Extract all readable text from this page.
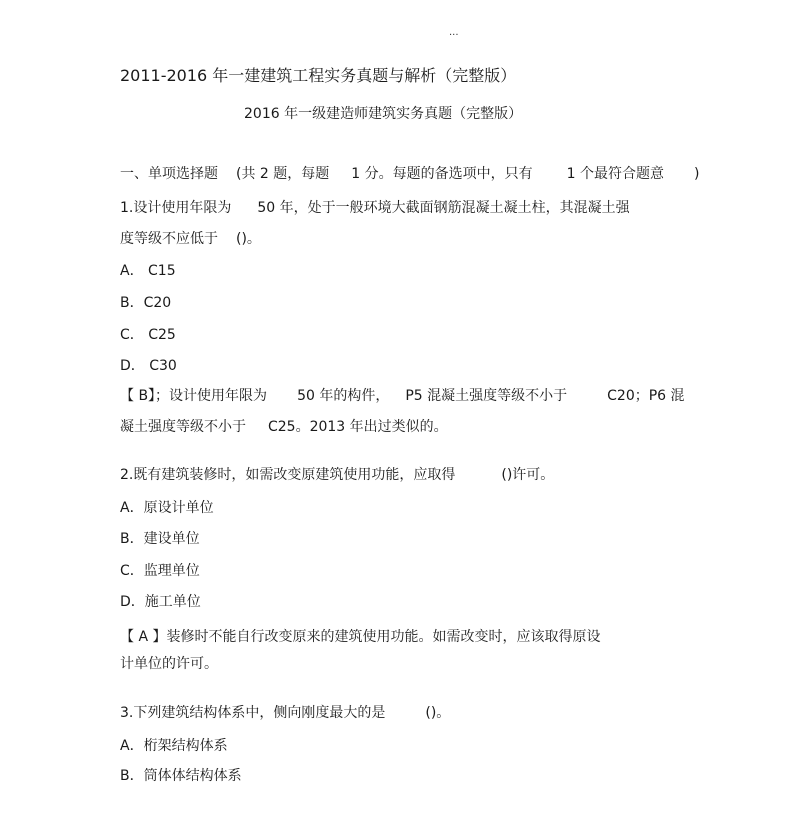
...
2011-2016 年一建建筑工程实务真题与解析（完整版）
2016 年一级建造师建筑实务真题（完整版）
一、单项选择题 (共 2 题，每题 1 分。每题的备选项中，只有 1 个最符合题意 )
1.设计使用年限为 50 年，处于一般环境大截面钢筋混凝土凝土柱，其混凝土强
度等级不应低于 ()。
A． C15
B．C20
C． C25
D． C30
【 B】；设计使用年限为 50 年的构件， P5 混凝土强度等级不小于	C20；P6 混
凝土强度等级不小于 C25。2013 年出过类似的。
2.既有建筑装修时，如需改变原建筑使用功能，应取得	()许可。
A．原设计单位
B．建设单位
C．监理单位
D．施工单位
【 A 】装修时不能自行改变原来的建筑使用功能。如需改变时，应该取得原设
计单位的许可。
3.下列建筑结构体系中，侧向刚度最大的是	()。
A．桁架结构体系
B．筒体体结构体系
